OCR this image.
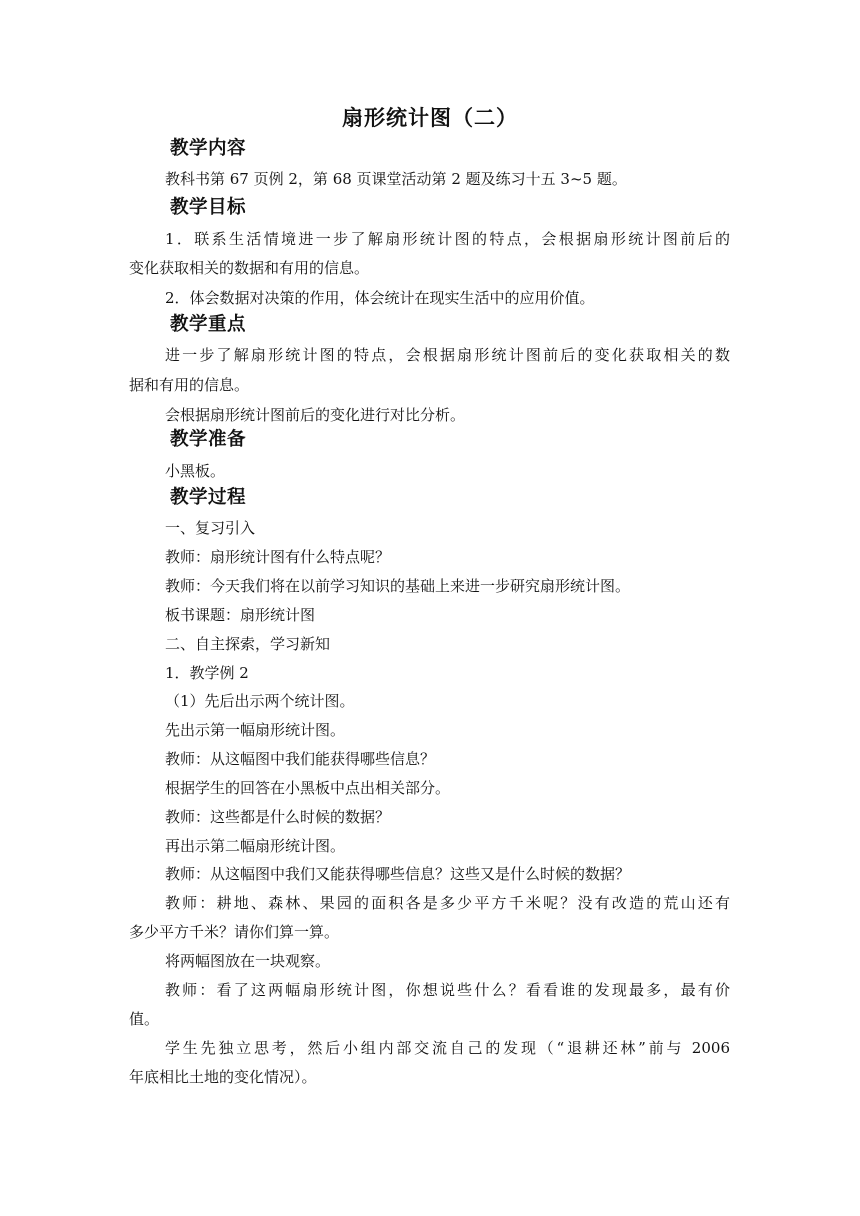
扇形统计图（二）
教学内容
教科书第 67 页例 2，第 68 页课堂活动第 2 题及练习十五 3~5 题。
教学目标
1．联系生活情境进一步了解扇形统计图的特点，会根据扇形统计图前后的
变化获取相关的数据和有用的信息。
2．体会数据对决策的作用，体会统计在现实生活中的应用价值。
教学重点
进一步了解扇形统计图的特点，会根据扇形统计图前后的变化获取相关的数
据和有用的信息。
会根据扇形统计图前后的变化进行对比分析。
教学准备
小黑板。
教学过程
一、复习引入
教师：扇形统计图有什么特点呢？
教师：今天我们将在以前学习知识的基础上来进一步研究扇形统计图。
板书课题：扇形统计图
二、自主探索，学习新知
1．教学例 2
（1）先后出示两个统计图。
先出示第一幅扇形统计图。
教师：从这幅图中我们能获得哪些信息？
根据学生的回答在小黑板中点出相关部分。
教师：这些都是什么时候的数据？
再出示第二幅扇形统计图。
教师：从这幅图中我们又能获得哪些信息？这些又是什么时候的数据？
教师：耕地、森林、果园的面积各是多少平方千米呢？没有改造的荒山还有
多少平方千米？请你们算一算。
将两幅图放在一块观察。
教师：看了这两幅扇形统计图，你想说些什么？看看谁的发现最多，最有价
值。
学生先独立思考，然后小组内部交流自己的发现（“退耕还林”前与 2006
年底相比土地的变化情况）。
